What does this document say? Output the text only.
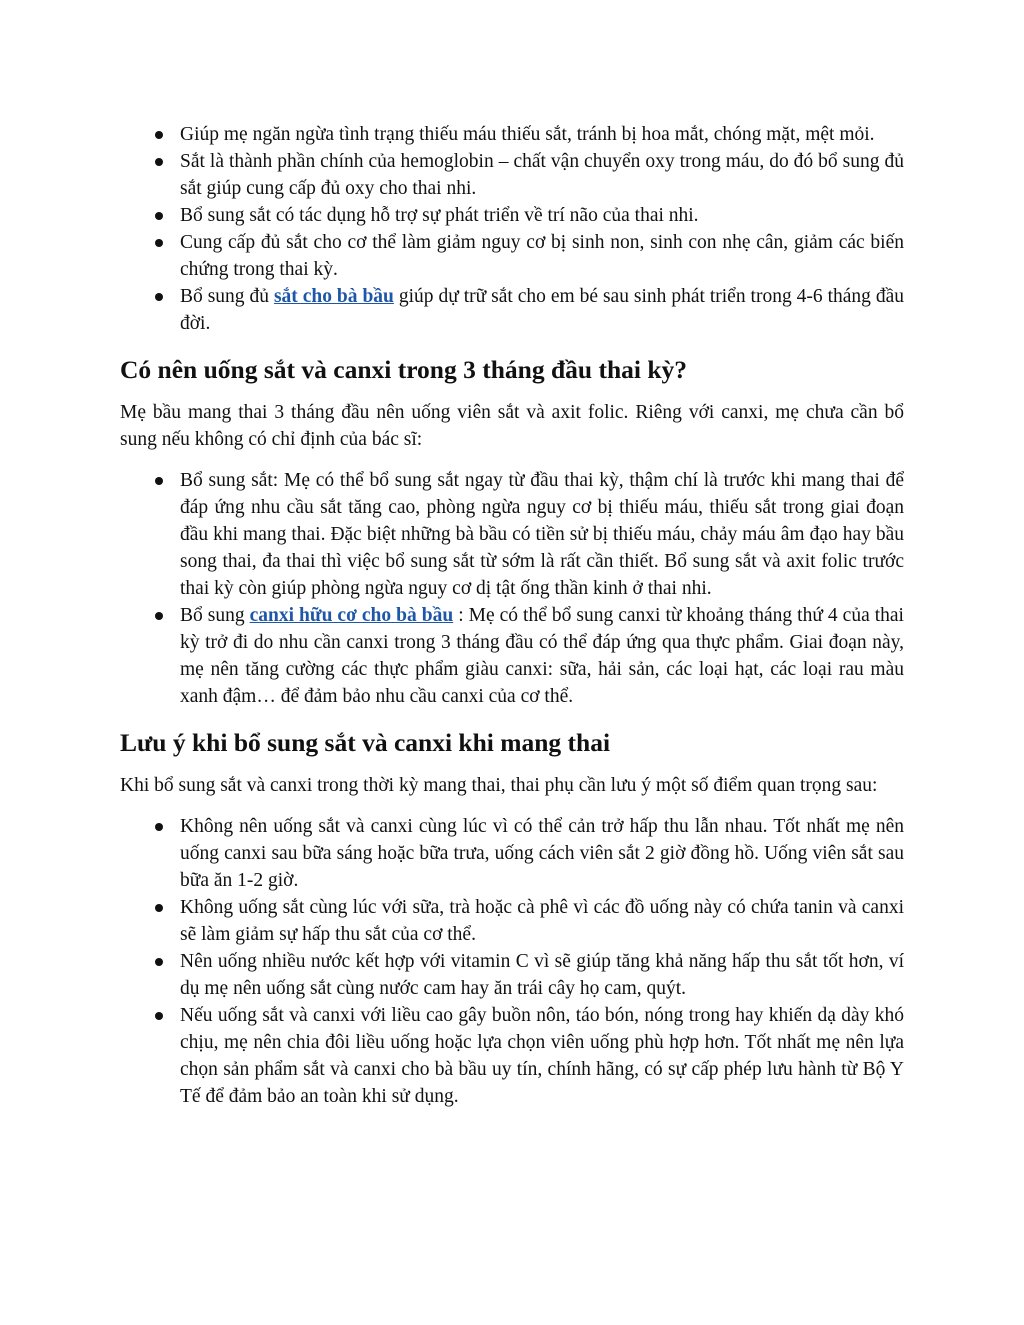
Giúp mẹ ngăn ngừa tình trạng thiếu máu thiếu sắt, tránh bị hoa mắt, chóng mặt, mệt mỏi.
Sắt là thành phần chính của hemoglobin – chất vận chuyển oxy trong máu, do đó bổ sung đủ sắt giúp cung cấp đủ oxy cho thai nhi.
Bổ sung sắt có tác dụng hỗ trợ sự phát triển về trí não của thai nhi.
Cung cấp đủ sắt cho cơ thể làm giảm nguy cơ bị sinh non, sinh con nhẹ cân, giảm các biến chứng trong thai kỳ.
Bổ sung đủ sắt cho bà bầu giúp dự trữ sắt cho em bé sau sinh phát triển trong 4-6 tháng đầu đời.
Có nên uống sắt và canxi trong 3 tháng đầu thai kỳ?

Mẹ bầu mang thai 3 tháng đầu nên uống viên sắt và axit folic. Riêng với canxi, mẹ chưa cần bổ sung nếu không có chỉ định của bác sĩ:

Bổ sung sắt: Mẹ có thể bổ sung sắt ngay từ đầu thai kỳ, thậm chí là trước khi mang thai để đáp ứng nhu cầu sắt tăng cao, phòng ngừa nguy cơ bị thiếu máu, thiếu sắt trong giai đoạn đầu khi mang thai. Đặc biệt những bà bầu có tiền sử bị thiếu máu, chảy máu âm đạo hay bầu song thai, đa thai thì việc bổ sung sắt từ sớm là rất cần thiết. Bổ sung sắt và axit folic trước thai kỳ còn giúp phòng ngừa nguy cơ dị tật ống thần kinh ở thai nhi.
Bổ sung canxi hữu cơ cho bà bầu : Mẹ có thể bổ sung canxi từ khoảng tháng thứ 4 của thai kỳ trở đi do nhu cần canxi trong 3 tháng đầu có thể đáp ứng qua thực phẩm. Giai đoạn này, mẹ nên tăng cường các thực phẩm giàu canxi: sữa, hải sản, các loại hạt, các loại rau màu xanh đậm… để đảm bảo nhu cầu canxi của cơ thể.
Lưu ý khi bổ sung sắt và canxi khi mang thai

Khi bổ sung sắt và canxi trong thời kỳ mang thai, thai phụ cần lưu ý một số điểm quan trọng sau:

Không nên uống sắt và canxi cùng lúc vì có thể cản trở hấp thu lẫn nhau. Tốt nhất mẹ nên uống canxi sau bữa sáng hoặc bữa trưa, uống cách viên sắt 2 giờ đồng hồ. Uống viên sắt sau bữa ăn 1-2 giờ.
Không uống sắt cùng lúc với sữa, trà hoặc cà phê vì các đồ uống này có chứa tanin và canxi sẽ làm giảm sự hấp thu sắt của cơ thể.
Nên uống nhiều nước kết hợp với vitamin C vì sẽ giúp tăng khả năng hấp thu sắt tốt hơn, ví dụ mẹ nên uống sắt cùng nước cam hay ăn trái cây họ cam, quýt.
Nếu uống sắt và canxi với liều cao gây buồn nôn, táo bón, nóng trong hay khiến dạ dày khó chịu, mẹ nên chia đôi liều uống hoặc lựa chọn viên uống phù hợp hơn. Tốt nhất mẹ nên lựa chọn sản phẩm sắt và canxi cho bà bầu uy tín, chính hãng, có sự cấp phép lưu hành từ Bộ Y Tế để đảm bảo an toàn khi sử dụng.
